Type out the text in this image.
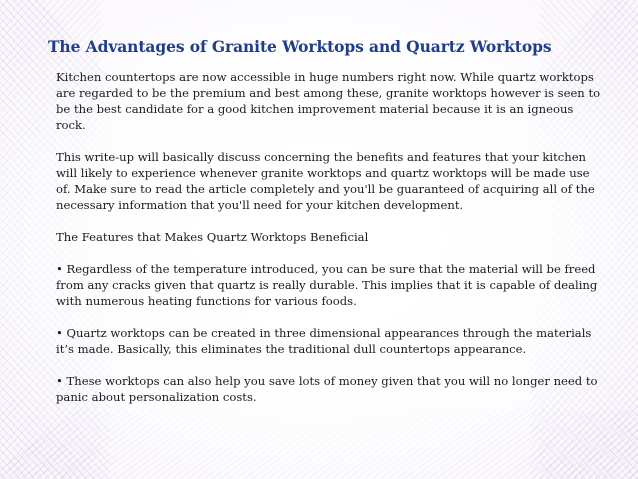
The Advantages of Granite Worktops and Quartz Worktops

Kitchen countertops are now accessible in huge numbers right now. While quartz worktops are regarded to be the premium and best among these, granite worktops however is seen to be the best candidate for a good kitchen improvement material because it is an igneous rock.

This write-up will basically discuss concerning the benefits and features that your kitchen will likely to experience whenever granite worktops and quartz worktops will be made use of. Make sure to read the article completely and you'll be guaranteed of acquiring all of the necessary information that you'll need for your kitchen development.

The Features that Makes Quartz Worktops Beneficial

• Regardless of the temperature introduced, you can be sure that the material will be freed from any cracks given that quartz is really durable. This implies that it is capable of dealing with numerous heating functions for various foods.

• Quartz worktops can be created in three dimensional appearances through the materials it’s made. Basically, this eliminates the traditional dull countertops appearance.

• These worktops can also help you save lots of money given that you will no longer need to panic about personalization costs.
